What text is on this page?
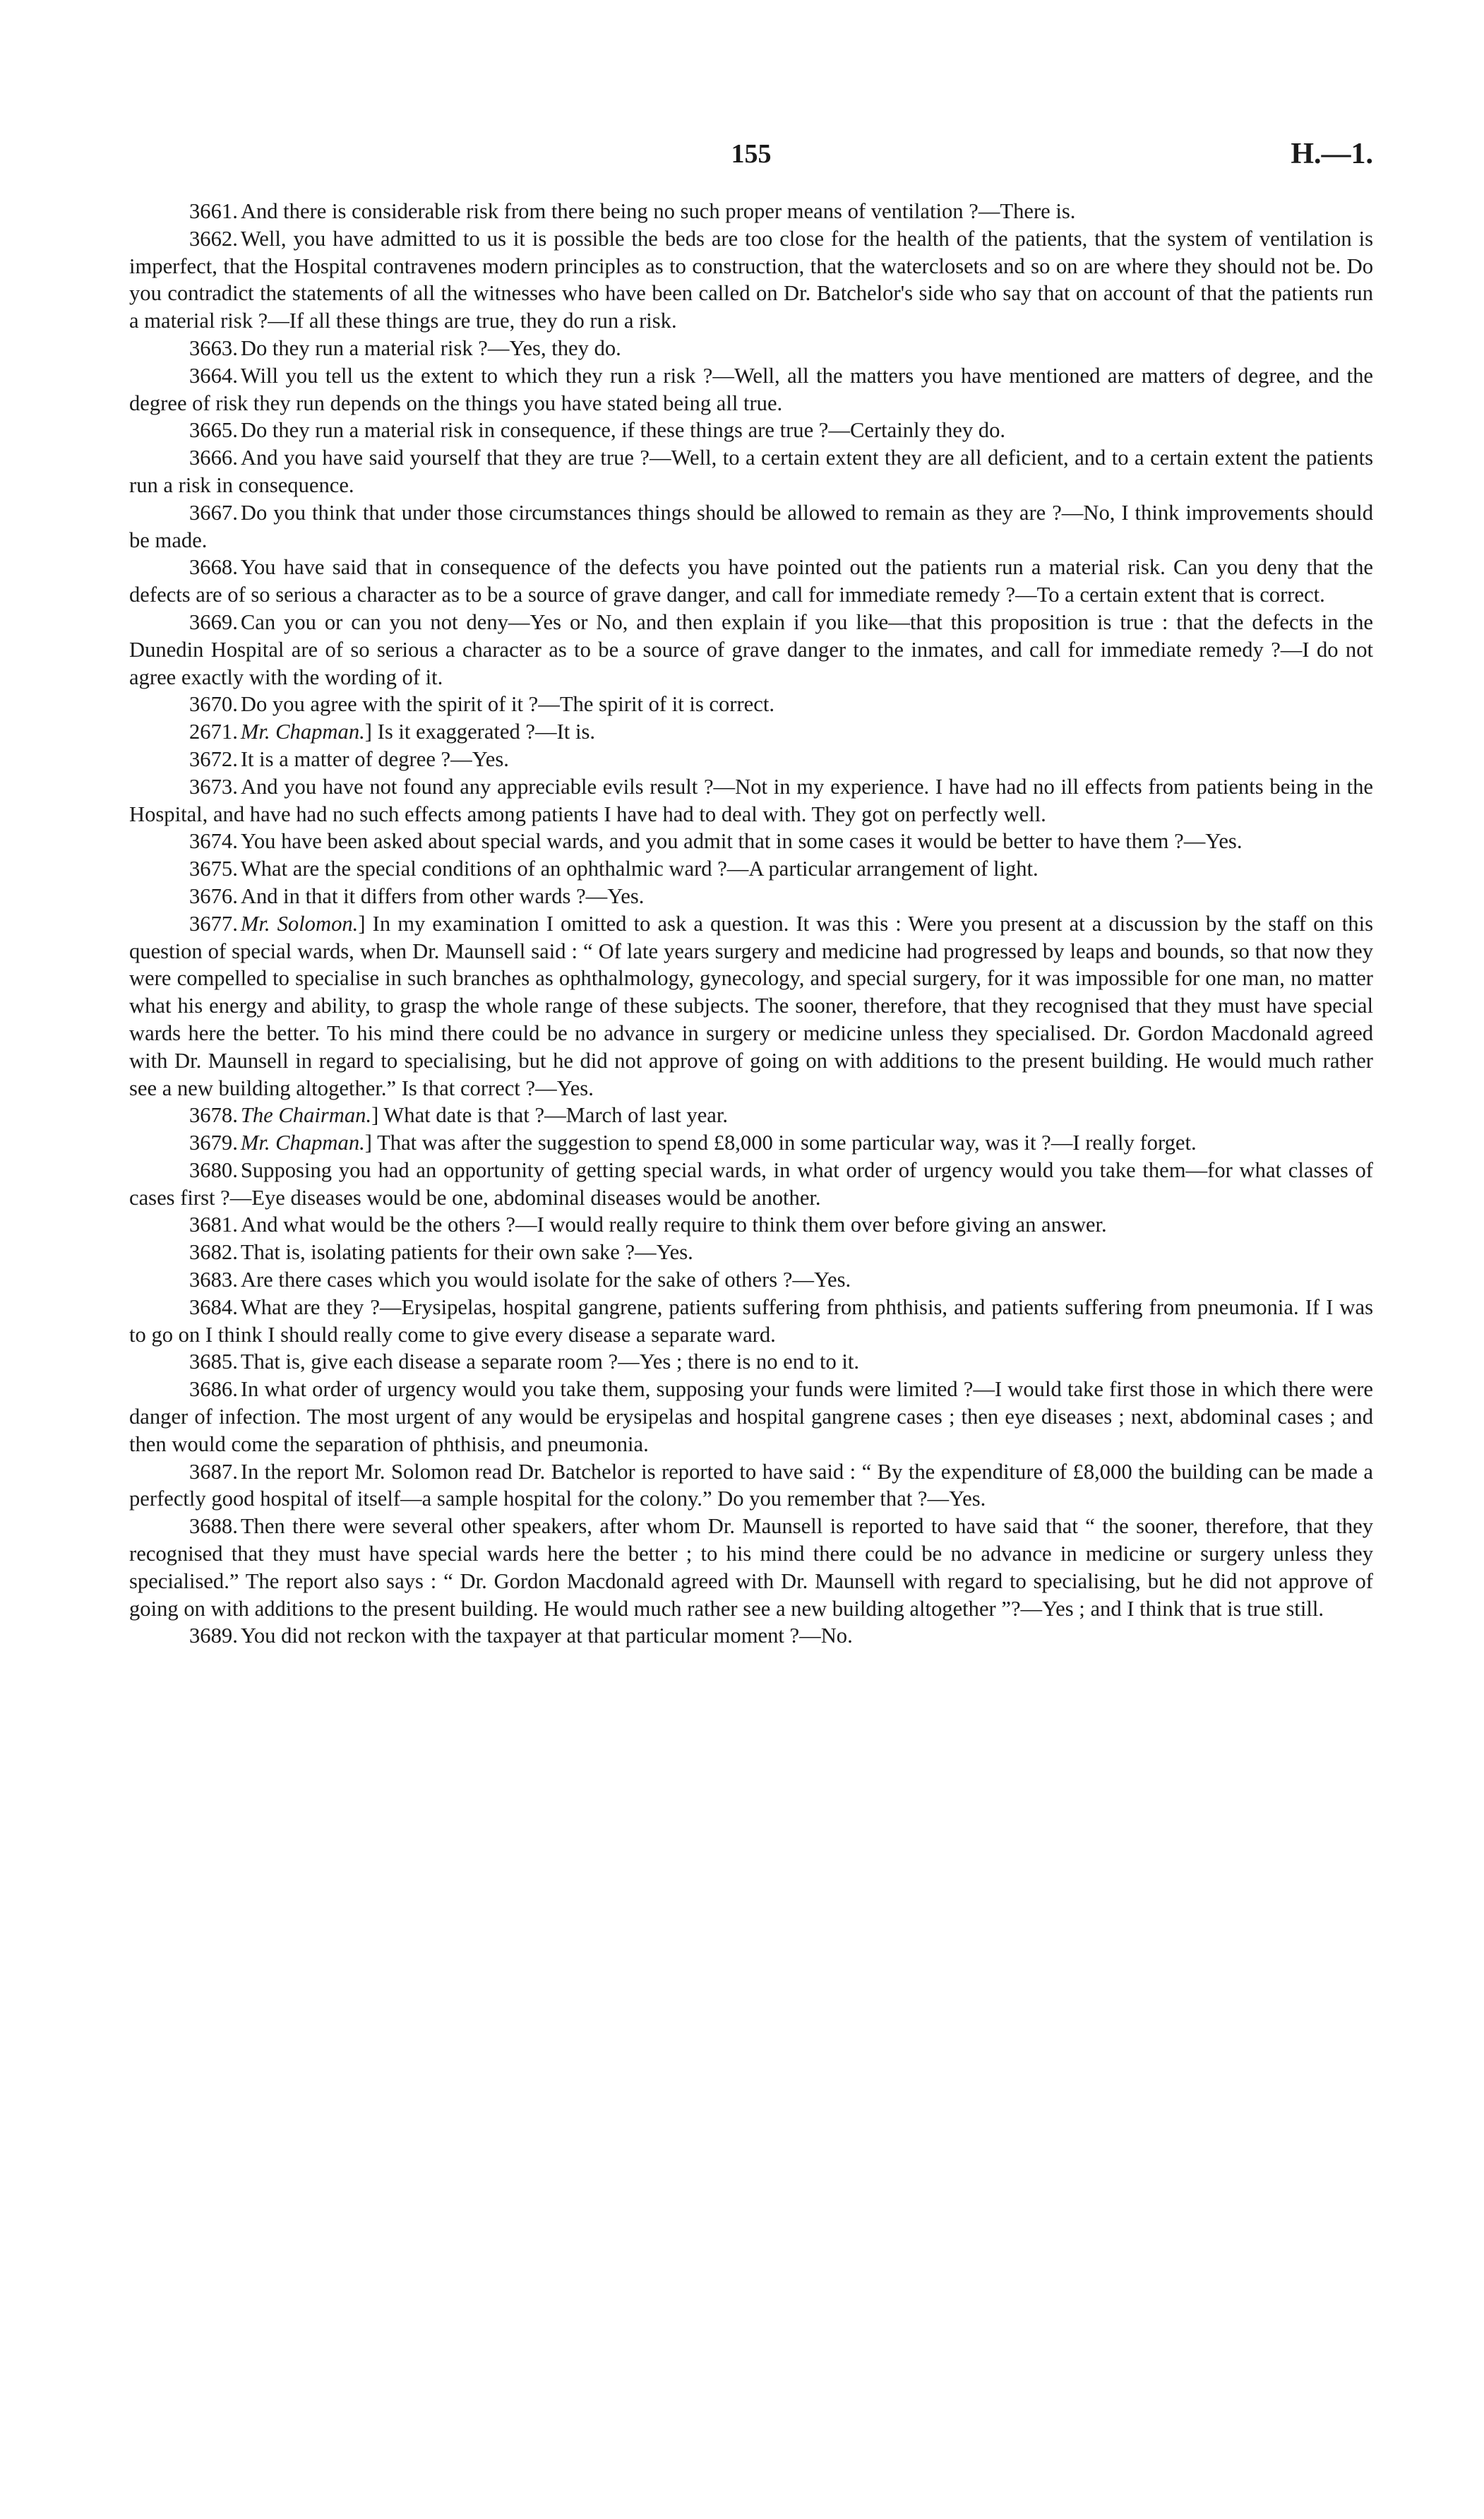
155	H.—1.

3661. And there is considerable risk from there being no such proper means of ventilation ?—There is.

3662. Well, you have admitted to us it is possible the beds are too close for the health of the patients, that the system of ventilation is imperfect, that the Hospital contravenes modern principles as to construction, that the waterclosets and so on are where they should not be. Do you contradict the statements of all the witnesses who have been called on Dr. Batchelor's side who say that on account of that the patients run a material risk ?—If all these things are true, they do run a risk.

3663. Do they run a material risk ?—Yes, they do.

3664. Will you tell us the extent to which they run a risk ?—Well, all the matters you have mentioned are matters of degree, and the degree of risk they run depends on the things you have stated being all true.

3665. Do they run a material risk in consequence, if these things are true ?—Certainly they do.

3666. And you have said yourself that they are true ?—Well, to a certain extent they are all deficient, and to a certain extent the patients run a risk in consequence.

3667. Do you think that under those circumstances things should be allowed to remain as they are ?—No, I think improvements should be made.

3668. You have said that in consequence of the defects you have pointed out the patients run a material risk. Can you deny that the defects are of so serious a character as to be a source of grave danger, and call for immediate remedy ?—To a certain extent that is correct.

3669. Can you or can you not deny—Yes or No, and then explain if you like—that this proposition is true : that the defects in the Dunedin Hospital are of so serious a character as to be a source of grave danger to the inmates, and call for immediate remedy ?—I do not agree exactly with the wording of it.

3670. Do you agree with the spirit of it ?—The spirit of it is correct.

2671. Mr. Chapman.] Is it exaggerated ?—It is.

3672. It is a matter of degree ?—Yes.

3673. And you have not found any appreciable evils result ?—Not in my experience. I have had no ill effects from patients being in the Hospital, and have had no such effects among patients I have had to deal with. They got on perfectly well.

3674. You have been asked about special wards, and you admit that in some cases it would be better to have them ?—Yes.

3675. What are the special conditions of an ophthalmic ward ?—A particular arrangement of light.

3676. And in that it differs from other wards ?—Yes.

3677. Mr. Solomon.] In my examination I omitted to ask a question. It was this : Were you present at a discussion by the staff on this question of special wards, when Dr. Maunsell said : “ Of late years surgery and medicine had progressed by leaps and bounds, so that now they were compelled to specialise in such branches as ophthalmology, gynecology, and special surgery, for it was impossible for one man, no matter what his energy and ability, to grasp the whole range of these subjects. The sooner, therefore, that they recognised that they must have special wards here the better. To his mind there could be no advance in surgery or medicine unless they specialised. Dr. Gordon Macdonald agreed with Dr. Maunsell in regard to specialising, but he did not approve of going on with additions to the present building. He would much rather see a new building altogether.” Is that correct ?—Yes.

3678. The Chairman.] What date is that ?—March of last year.

3679. Mr. Chapman.] That was after the suggestion to spend £8,000 in some particular way, was it ?—I really forget.

3680. Supposing you had an opportunity of getting special wards, in what order of urgency would you take them—for what classes of cases first ?—Eye diseases would be one, abdominal diseases would be another.

3681. And what would be the others ?—I would really require to think them over before giving an answer.

3682. That is, isolating patients for their own sake ?—Yes.

3683. Are there cases which you would isolate for the sake of others ?—Yes.

3684. What are they ?—Erysipelas, hospital gangrene, patients suffering from phthisis, and patients suffering from pneumonia. If I was to go on I think I should really come to give every disease a separate ward.

3685. That is, give each disease a separate room ?—Yes ; there is no end to it.

3686. In what order of urgency would you take them, supposing your funds were limited ?—I would take first those in which there were danger of infection. The most urgent of any would be erysipelas and hospital gangrene cases ; then eye diseases ; next, abdominal cases ; and then would come the separation of phthisis, and pneumonia.

3687. In the report Mr. Solomon read Dr. Batchelor is reported to have said : “ By the expenditure of £8,000 the building can be made a perfectly good hospital of itself—a sample hospital for the colony.” Do you remember that ?—Yes.

3688. Then there were several other speakers, after whom Dr. Maunsell is reported to have said that “ the sooner, therefore, that they recognised that they must have special wards here the better ; to his mind there could be no advance in medicine or surgery unless they specialised.” The report also says : “ Dr. Gordon Macdonald agreed with Dr. Maunsell with regard to specialising, but he did not approve of going on with additions to the present building. He would much rather see a new building altogether ”?—Yes ; and I think that is true still.

3689. You did not reckon with the taxpayer at that particular moment ?—No.
